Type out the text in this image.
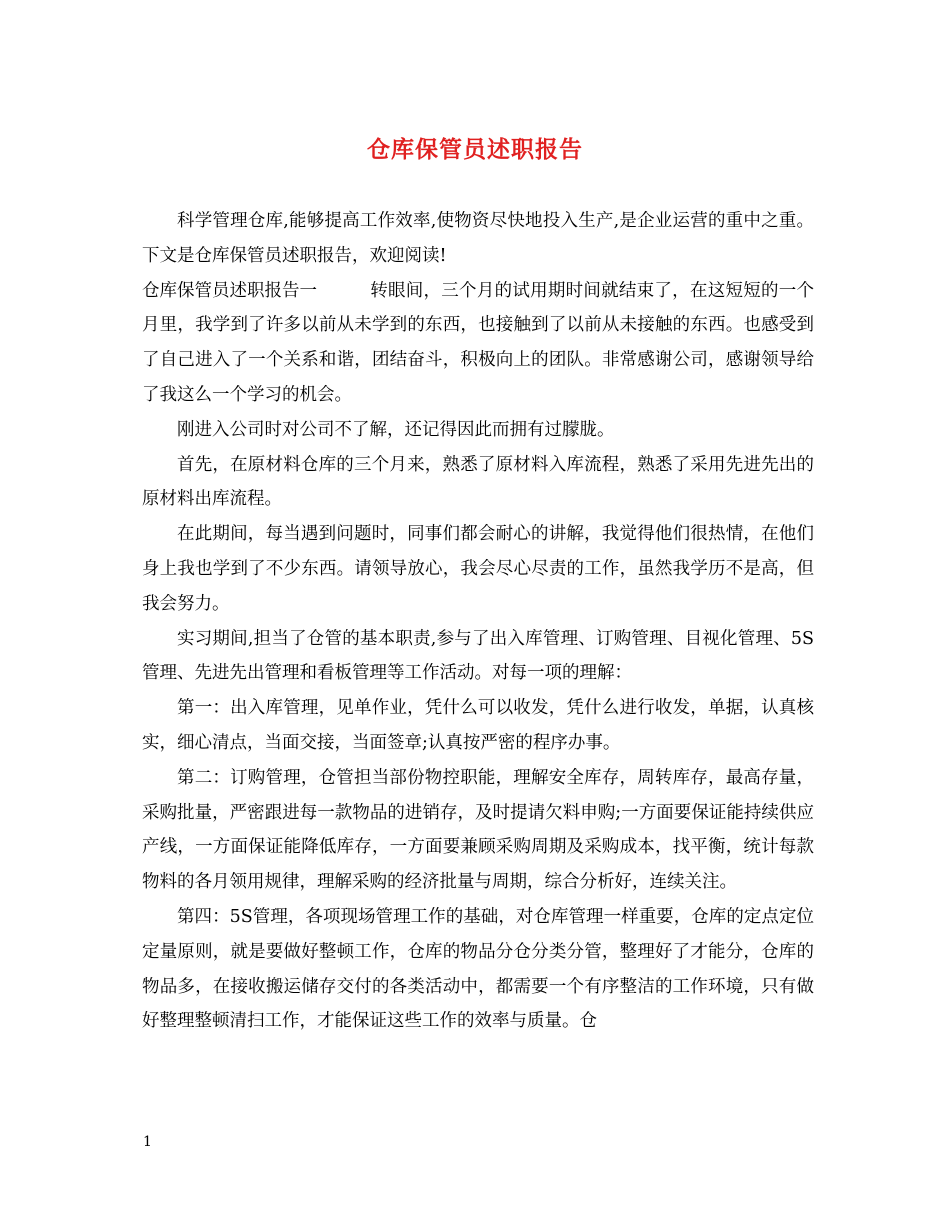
仓库保管员述职报告

科学管理仓库,能够提高工作效率,使物资尽快地投入生产,是企业运营的重中之重。下文是仓库保管员述职报告，欢迎阅读!

仓库保管员述职报告一	转眼间，三个月的试用期时间就结束了，在这短短的一个月里，我学到了许多以前从未学到的东西，也接触到了以前从未接触的东西。也感受到了自己进入了一个关系和谐，团结奋斗，积极向上的团队。非常感谢公司，感谢领导给了我这么一个学习的机会。

刚进入公司时对公司不了解，还记得因此而拥有过朦胧。

首先，在原材料仓库的三个月来，熟悉了原材料入库流程，熟悉了采用先进先出的原材料出库流程。

在此期间，每当遇到问题时，同事们都会耐心的讲解，我觉得他们很热情，在他们身上我也学到了不少东西。请领导放心，我会尽心尽责的工作，虽然我学历不是高，但我会努力。

实习期间,担当了仓管的基本职责,参与了出入库管理、订购管理、目视化管理、5S管理、先进先出管理和看板管理等工作活动。对每一项的理解：

第一：出入库管理，见单作业，凭什么可以收发，凭什么进行收发，单据，认真核实，细心清点，当面交接，当面签章;认真按严密的程序办事。

第二：订购管理，仓管担当部份物控职能，理解安全库存，周转库存，最高存量，采购批量，严密跟进每一款物品的进销存，及时提请欠料申购;一方面要保证能持续供应产线，一方面保证能降低库存，一方面要兼顾采购周期及采购成本，找平衡，统计每款物料的各月领用规律，理解采购的经济批量与周期，综合分析好，连续关注。

第四：5S管理，各项现场管理工作的基础，对仓库管理一样重要，仓库的定点定位定量原则，就是要做好整顿工作，仓库的物品分仓分类分管，整理好了才能分，仓库的物品多，在接收搬运储存交付的各类活动中，都需要一个有序整洁的工作环境，只有做好整理整顿清扫工作，才能保证这些工作的效率与质量。仓

1
